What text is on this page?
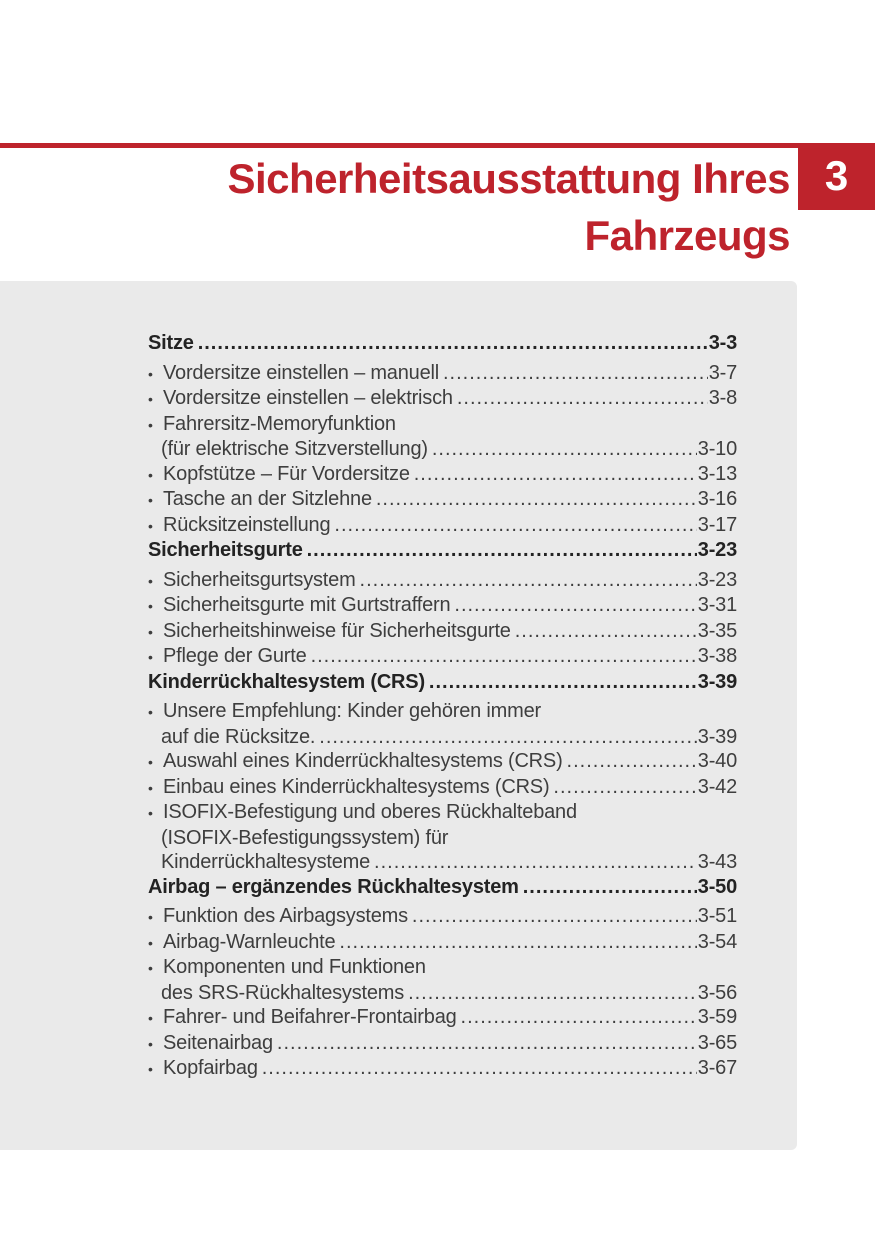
3
Sicherheitsausstattung Ihres
Fahrzeugs
Sitze .....	3-3
• Vordersitze einstellen – manuell .....	3-7
• Vordersitze einstellen – elektrisch .....	3-8
• Fahrersitz-Memoryfunktion
(für elektrische Sitzverstellung) .....	3-10
• Kopfstütze – Für Vordersitze .....	3-13
• Tasche an der Sitzlehne .....	3-16
• Rücksitzeinstellung .....	3-17
Sicherheitsgurte .....	3-23
• Sicherheitsgurtsystem .....	3-23
• Sicherheitsgurte mit Gurtstraffern .....	3-31
• Sicherheitshinweise für Sicherheitsgurte .....	3-35
• Pflege der Gurte .....	3-38
Kinderrückhaltesystem (CRS) .....	3-39
• Unsere Empfehlung: Kinder gehören immer
auf die Rücksitze. .....	3-39
• Auswahl eines Kinderrückhaltesystems (CRS) .....	3-40
• Einbau eines Kinderrückhaltesystems (CRS) .....	3-42
• ISOFIX-Befestigung und oberes Rückhalteband
(ISOFIX-Befestigungssystem) für
Kinderrückhaltesysteme .....	3-43
Airbag – ergänzendes Rückhaltesystem .....	3-50
• Funktion des Airbagsystems .....	3-51
• Airbag-Warnleuchte .....	3-54
• Komponenten und Funktionen
des SRS-Rückhaltesystems .....	3-56
• Fahrer- und Beifahrer-Frontairbag .....	3-59
• Seitenairbag .....	3-65
• Kopfairbag .....	3-67
